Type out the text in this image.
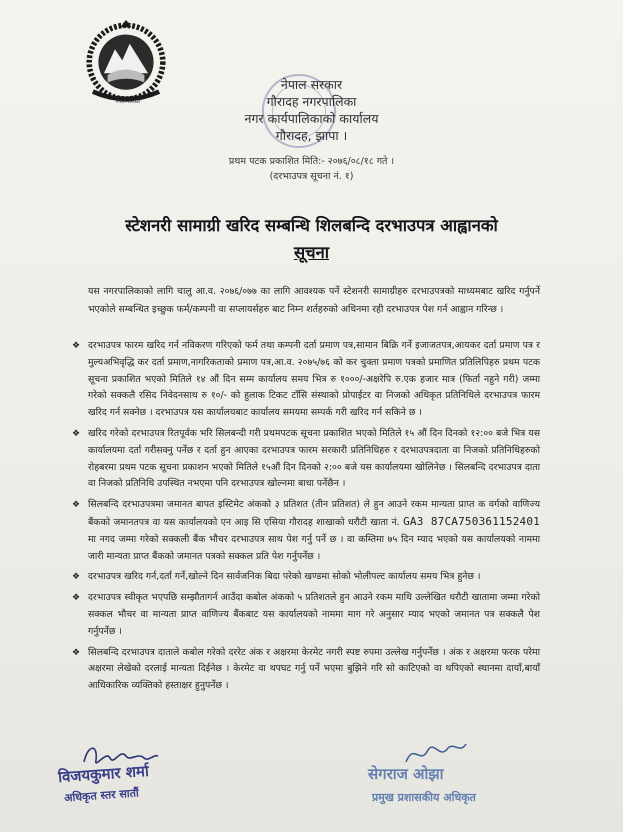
नेपाल सरकार
नेपाल सरकार
गौरादह नगरपालिका
नगर कार्यपालिकाको कार्यालय
गौरादह, झापा ।
प्रथम पटक प्रकाशित मिति:- २०७६/०८/१८ गते ।
(दरभाउपत्र सूचना नं. १)
स्टेशनरी सामाग्री खरिद सम्बन्धि शिलबन्दि दरभाउपत्र आह्वानको
सूचना
यस नगरपालिकाको लागि चालु आ.व. २०७६/०७७ का लागि आवश्यक पर्ने स्टेशनरी सामाग्रीहरु दरभाउपत्रको माध्यमबाट खरिद गर्नुपर्ने भएकोले सम्बन्धित इच्छुक फर्म/कम्पनी वा सप्लायर्सहरु बाट निम्न शर्तहरुको अधिनमा रही दरभाउपत्र पेश गर्न आह्वान गरिन्छ ।
❖ दरभाउपत्र फारम खरिद गर्न नविकरण गरिएको फर्म तथा कम्पनी दर्ता प्रमाण पत्र,सामान बिक्रि गर्ने इजाजतपत्र,आयकर दर्ता प्रमाण पत्र र मुल्यअभिवृद्धि कर दर्ता प्रमाण,नागरिकताको प्रमाण पत्र,आ.व. २०७५/७६ को कर चुक्ता प्रमाण पत्रको प्रमाणित प्रतिलिपिहरु प्रथम पटक सूचना प्रकाशित भएको मितिले १४ औं दिन सम्म कार्यालय समय भित्र रु १०००/-अक्षरेपि रु.एक हजार मात्र (फिर्ता नहुने गरी) जम्मा गरेको सक्कलै रसिद निवेदनसाथ रु १०/- को हुलाक टिकट टाँसि संस्थाको प्रोपाईटर वा निजको अधिकृत प्रतिनिधिले दरभाउपत्र फारम खरिद गर्न सक्नेछ । दरभाउपत्र यस कार्यालयबाट कार्यालय समयमा सम्पर्क गरी खरिद गर्न सकिने छ ।
❖ खरिद गरेको दरभाउपत्र रितपूर्वक भरि सिलबन्दी गरी प्रथमपटक सूचना प्रकाशित भएको मितिले १५ औं दिन दिनको १२:०० बजे भित्र यस कार्यालयमा दर्ता गरीसक्नु पर्नेछ र दर्ता हुन आएका दरभाउपत्र फारम सरकारी प्रतिनिधिहरु र दरभाउपत्रदाता वा निजको प्रतिनिधिहरुको रोहबरमा प्रथम पटक सूचना प्रकाशन भएको मितिले १५औं दिन दिनको २:०० बजे यस कार्यालयमा खोलिनेछ । सिलबन्दि दरभाउपत्र दाता वा निजको प्रतिनिधि उपस्थित नभएमा पनि दरभाउपत्र खोल्नमा बाधा पर्नेछैन ।
❖ सिलबन्दि दरभाउपत्रमा जमानत बापत इस्टिमेट अंकको ३ प्रतिशत (तीन प्रतिशत) ले हुन आउने रकम मान्यता प्राप्त क वर्गको वाणिज्य बैंकको जमानतपत्र वा यस कार्यालयको एन आइ सि एसिया गौरादह शाखाको धरौटी खाता नं. GA3 87CA750361152401 मा नगद जम्मा गरेको सक्कली बैंक भौचर दरभाउपत्र साथ पेश गर्नु पर्ने छ । वा कम्तिमा ७५ दिन म्याद भएको यस कार्यालयको नाममा जारी मान्यता प्राप्त बैंकको जमानत पत्रको सक्कल प्रति पेश गर्नुपर्नेछ ।
❖ दरभाउपत्र खरिद गर्न,दर्ता गर्ने,खोल्ने दिन सार्वजनिक बिदा परेको खण्डमा सोको भोलीपल्ट कार्यालय समय भित्र हुनेछ ।
❖ दरभाउपत्र स्वीकृत भएपछि सम्झौतागर्न आउँदा कबोल अंकको ५ प्रतिशतले हुन आउने रकम माथि उल्लेखित धरौटी खातामा जम्मा गरेको सक्कल भौचर वा मान्यता प्राप्त वाणिज्य बैंकबाट यस कार्यालयको नाममा माग गरे अनुसार म्याद भएको जमानत पत्र सक्कलै पेश गर्नुपर्नेछ ।
❖ सिलबन्दि दरभाउपत्र दाताले कबोल गरेको दररेट अंक र अक्षरमा केरमेट नगरी स्पष्ट रुपमा उल्लेख गर्नुपर्नेछ । अंक र अक्षरमा फरक परेमा अक्षरमा लेखेको दरलाई मान्यता दिईनेछ । केरमेट वा थपघट गर्नु पर्ने भएमा बुझिने गरि सो काटिएको वा थपिएको स्थानमा दायाँ,बायाँ आधिकारिक व्यक्तिको हस्ताक्षर हुनुपर्नेछ ।
विजयकुमार शर्मा
अधिकृत स्तर सातौं
सेगराज ओझा
प्रमुख प्रशासकीय अधिकृत
